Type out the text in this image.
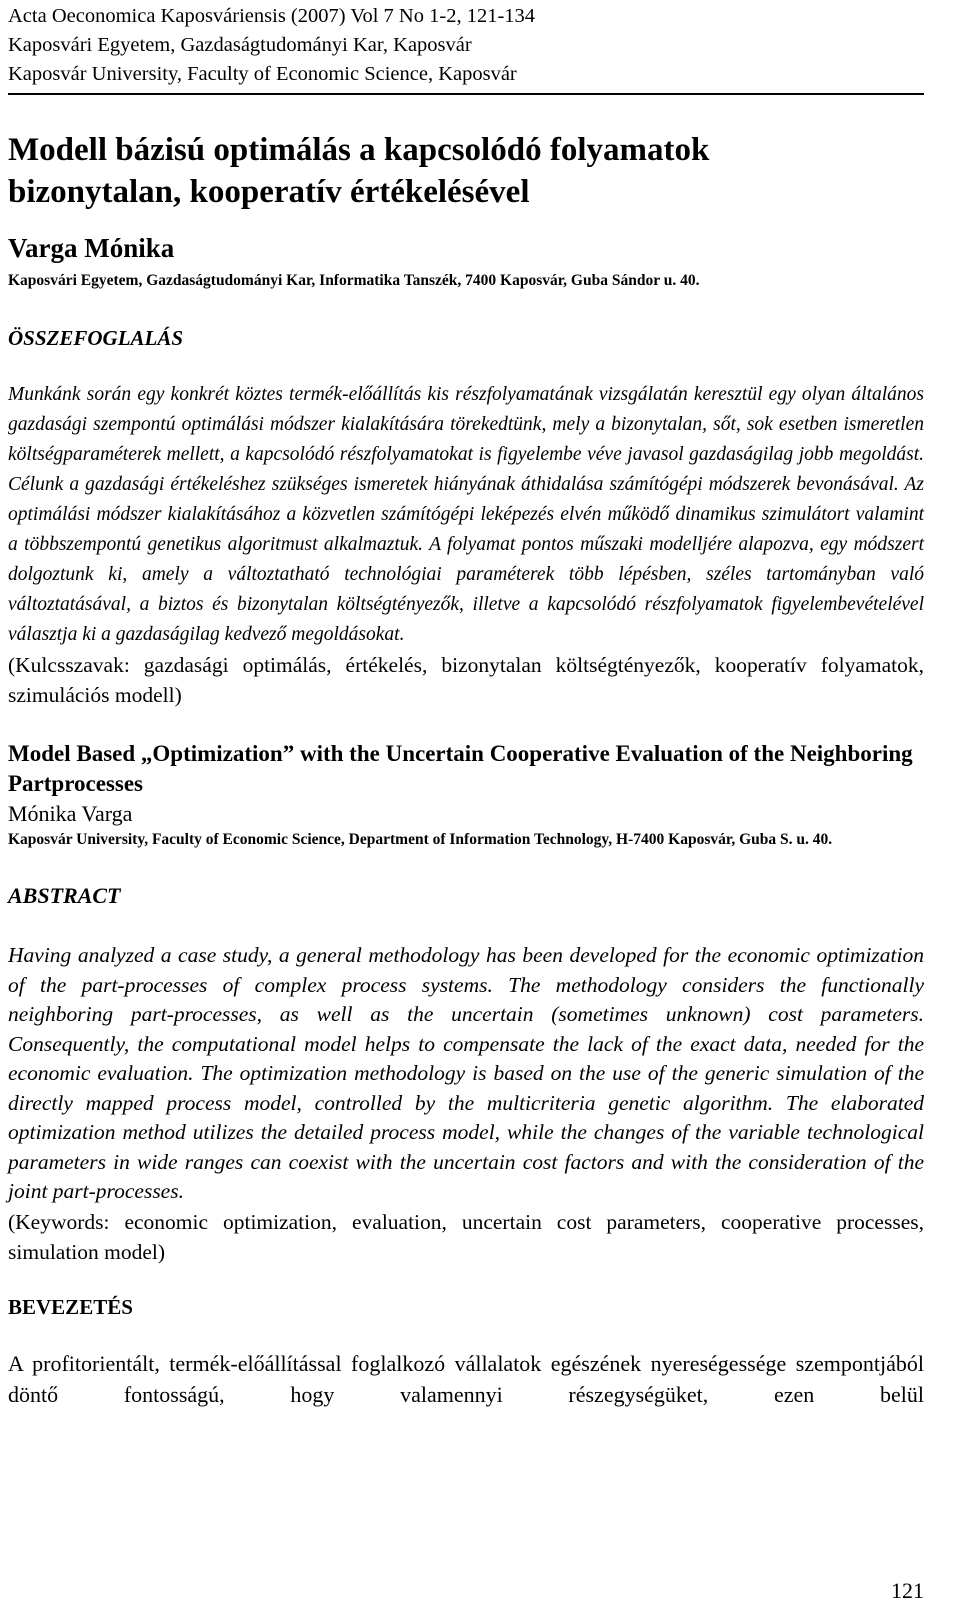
Acta Oeconomica Kaposváriensis (2007) Vol 7 No 1-2, 121-134
Kaposvári Egyetem, Gazdaságtudományi Kar, Kaposvár
Kaposvár University, Faculty of Economic Science, Kaposvár
Modell bázisú optimálás a kapcsolódó folyamatok
bizonytalan, kooperatív értékelésével
Varga Mónika
Kaposvári Egyetem, Gazdaságtudományi Kar, Informatika Tanszék, 7400 Kaposvár, Guba Sándor u. 40.
ÖSSZEFOGLALÁS
Munkánk során egy konkrét köztes termék-előállítás kis részfolyamatának vizsgálatán keresztül egy olyan általános gazdasági szempontú optimálási módszer kialakítására törekedtünk, mely a bizonytalan, sőt, sok esetben ismeretlen költségparaméterek mellett, a kapcsolódó részfolyamatokat is figyelembe véve javasol gazdaságilag jobb megoldást. Célunk a gazdasági értékeléshez szükséges ismeretek hiányának áthidalása számítógépi módszerek bevonásával. Az optimálási módszer kialakításához a közvetlen számítógépi leképezés elvén működő dinamikus szimulátort valamint a többszempontú genetikus algoritmust alkalmaztuk. A folyamat pontos műszaki modelljére alapozva, egy módszert dolgoztunk ki, amely a változtatható technológiai paraméterek több lépésben, széles tartományban való változtatásával, a biztos és bizonytalan költségtényezők, illetve a kapcsolódó részfolyamatok figyelembevételével választja ki a gazdaságilag kedvező megoldásokat.
(Kulcsszavak: gazdasági optimálás, értékelés, bizonytalan költségtényezők, kooperatív folyamatok, szimulációs modell)
Model Based „Optimization” with the Uncertain Cooperative Evaluation of the Neighboring Partprocesses
Mónika Varga
Kaposvár University, Faculty of Economic Science, Department of Information Technology, H-7400 Kaposvár, Guba S. u. 40.
ABSTRACT
Having analyzed a case study, a general methodology has been developed for the economic optimization of the part-processes of complex process systems. The methodology considers the functionally neighboring part-processes, as well as the uncertain (sometimes unknown) cost parameters. Consequently, the computational model helps to compensate the lack of the exact data, needed for the economic evaluation. The optimization methodology is based on the use of the generic simulation of the directly mapped process model, controlled by the multicriteria genetic algorithm. The elaborated optimization method utilizes the detailed process model, while the changes of the variable technological parameters in wide ranges can coexist with the uncertain cost factors and with the consideration of the joint part-processes.
(Keywords: economic optimization, evaluation, uncertain cost parameters, cooperative processes, simulation model)
BEVEZETÉS
A profitorientált, termék-előállítással foglalkozó vállalatok egészének nyereségessége szempontjából döntő fontosságú, hogy valamennyi részegységüket, ezen belül
121
